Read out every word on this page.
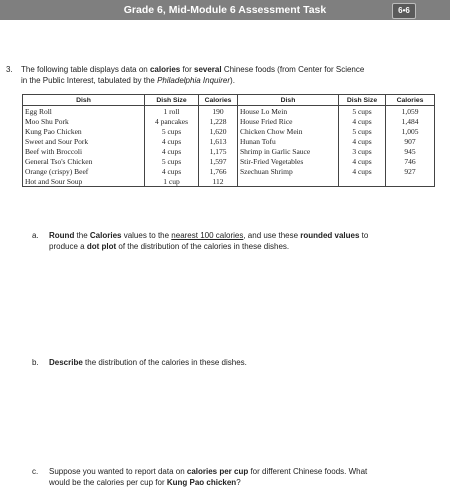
Grade 6, Mid-Module 6 Assessment Task	6•6
3. The following table displays data on calories for several Chinese foods (from Center for Science
in the Public Interest, tabulated by the Philadelphia Inquirer).
Dish	Dish Size	Calories	Dish	Dish Size	Calories
Egg Roll	1 roll	190	House Lo Mein	5 cups	1,059
Moo Shu Pork	4 pancakes	1,228	House Fried Rice	4 cups	1,484
Kung Pao Chicken	5 cups	1,620	Chicken Chow Mein	5 cups	1,005
Sweet and Sour Pork	4 cups	1,613	Hunan Tofu	4 cups	907
Beef with Broccoli	4 cups	1,175	Shrimp in Garlic Sauce	3 cups	945
General Tso's Chicken	5 cups	1,597	Stir-Fried Vegetables	4 cups	746
Orange (crispy) Beef	4 cups	1,766	Szechuan Shrimp	4 cups	927
Hot and Sour Soup	1 cup	112			
a. Round the Calories values to the nearest 100 calories, and use these rounded values to
produce a dot plot of the distribution of the calories in these dishes.
b. Describe the distribution of the calories in these dishes.
c. Suppose you wanted to report data on calories per cup for different Chinese foods. What
would be the calories per cup for Kung Pao chicken?
